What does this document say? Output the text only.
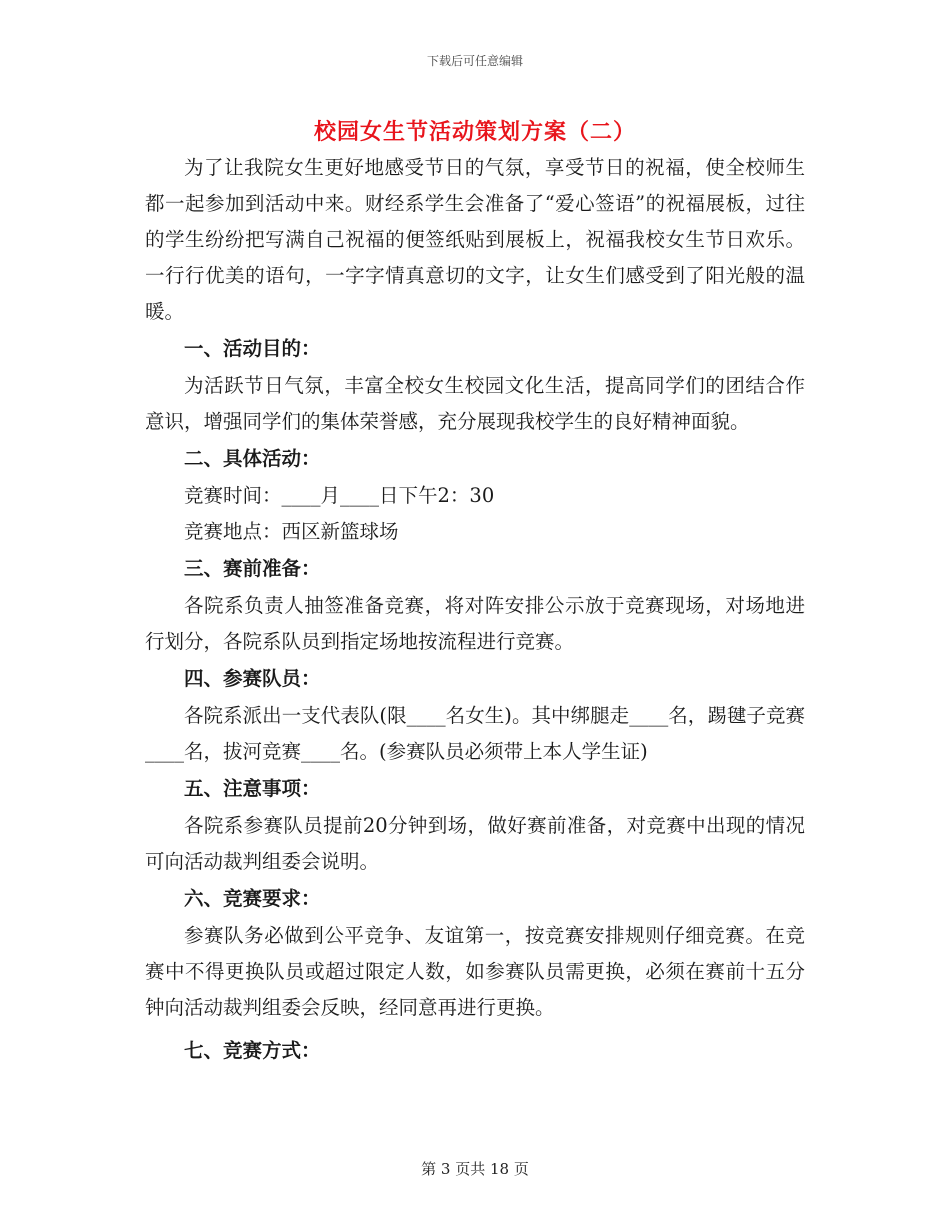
下载后可任意编辑
校园女生节活动策划方案（二）

为了让我院女生更好地感受节日的气氛，享受节日的祝福，使全校师生都一起参加到活动中来。财经系学生会准备了“爱心签语”的祝福展板，过往的学生纷纷把写满自己祝福的便签纸贴到展板上，祝福我校女生节日欢乐。一行行优美的语句，一字字情真意切的文字，让女生们感受到了阳光般的温暖。

一、活动目的：

为活跃节日气氛，丰富全校女生校园文化生活，提高同学们的团结合作意识，增强同学们的集体荣誉感，充分展现我校学生的良好精神面貌。

二、具体活动：

竞赛时间：____月____日下午2：30

竞赛地点：西区新篮球场

三、赛前准备：

各院系负责人抽签准备竞赛，将对阵安排公示放于竞赛现场，对场地进行划分，各院系队员到指定场地按流程进行竞赛。

四、参赛队员：

各院系派出一支代表队(限____名女生)。其中绑腿走____名，踢毽子竞赛____名，拔河竞赛____名。(参赛队员必须带上本人学生证)

五、注意事项：

各院系参赛队员提前20分钟到场，做好赛前准备，对竞赛中出现的情况可向活动裁判组委会说明。

六、竞赛要求：

参赛队务必做到公平竞争、友谊第一，按竞赛安排规则仔细竞赛。在竞赛中不得更换队员或超过限定人数，如参赛队员需更换，必须在赛前十五分钟向活动裁判组委会反映，经同意再进行更换。

七、竞赛方式：

第 3 页共 18 页
